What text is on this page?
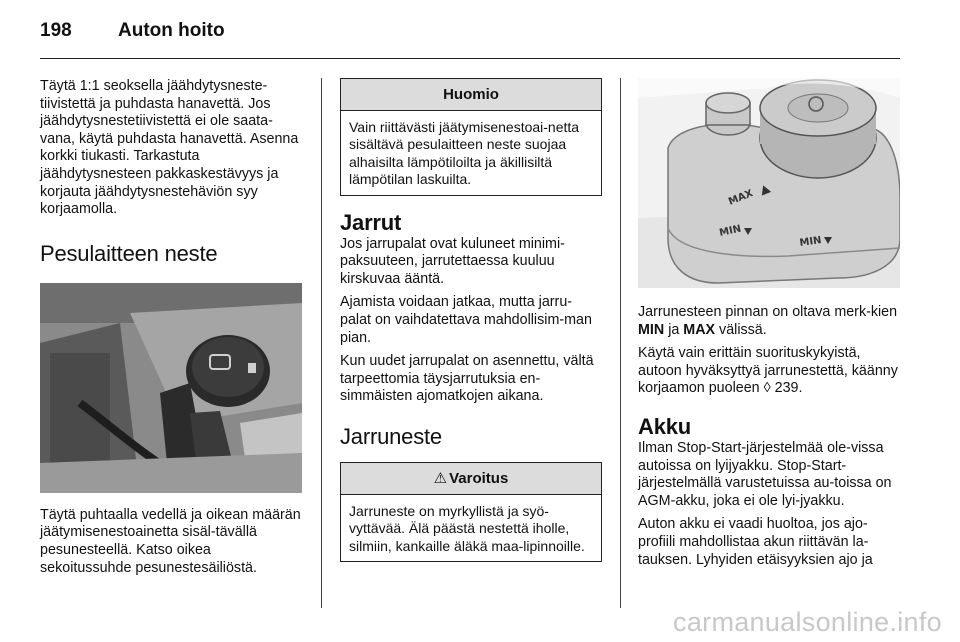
198 Auton hoito

Täytä 1:1 seoksella jäähdytysneste-tiivistettä ja puhdasta hanavettä. Jos jäähdytysnestetiivistettä ei ole saata-vana, käytä puhdasta hanavettä. Asenna korkki tiukasti. Tarkastuta jäähdytysnesteen pakkaskestävyys ja korjauta jäähdytysnestehäviön syy korjaamolla.

Pesulaitteen neste

Täytä puhtaalla vedellä ja oikean määrän jäätymisenestoainetta sisäl-tävällä pesunesteellä. Katso oikea sekoitussuhde pesunestesäiliöstä.

Huomio
Vain riittävästi jäätymisenestoai-netta sisältävä pesulaitteen neste suojaa alhaisilta lämpötiloilta ja äkillisiltä lämpötilan laskuilta.
Jarrut

Jos jarrupalat ovat kuluneet minimi-paksuuteen, jarrutettaessa kuuluu kirskuvaa ääntä.

Ajamista voidaan jatkaa, mutta jarru-palat on vaihdatettava mahdollisim-man pian.

Kun uudet jarrupalat on asennettu, vältä tarpeettomia täysjarrutuksia en-simmäisten ajomatkojen aikana.

Jarruneste
⚠ Varoitus
Jarruneste on myrkyllistä ja syö-vyttävää. Älä päästä nestettä iholle, silmiin, kankaille äläkä maa-lipinnoille.
MAX
MIN
MIN

Jarrunesteen pinnan on oltava merk-kien MIN ja MAX välissä.

Käytä vain erittäin suorituskykyistä, autoon hyväksyttyä jarrunestettä, käänny korjaamon puoleen ◊ 239.

Akku

Ilman Stop-Start-järjestelmää ole-vissa autoissa on lyijyakku. Stop-Start-järjestelmällä varustetuissa au-toissa on AGM-akku, joka ei ole lyi-jyakku.

Auton akku ei vaadi huoltoa, jos ajo-profiili mahdollistaa akun riittävän la-tauksen. Lyhyiden etäisyyksien ajo ja

carmanualsonline.info
